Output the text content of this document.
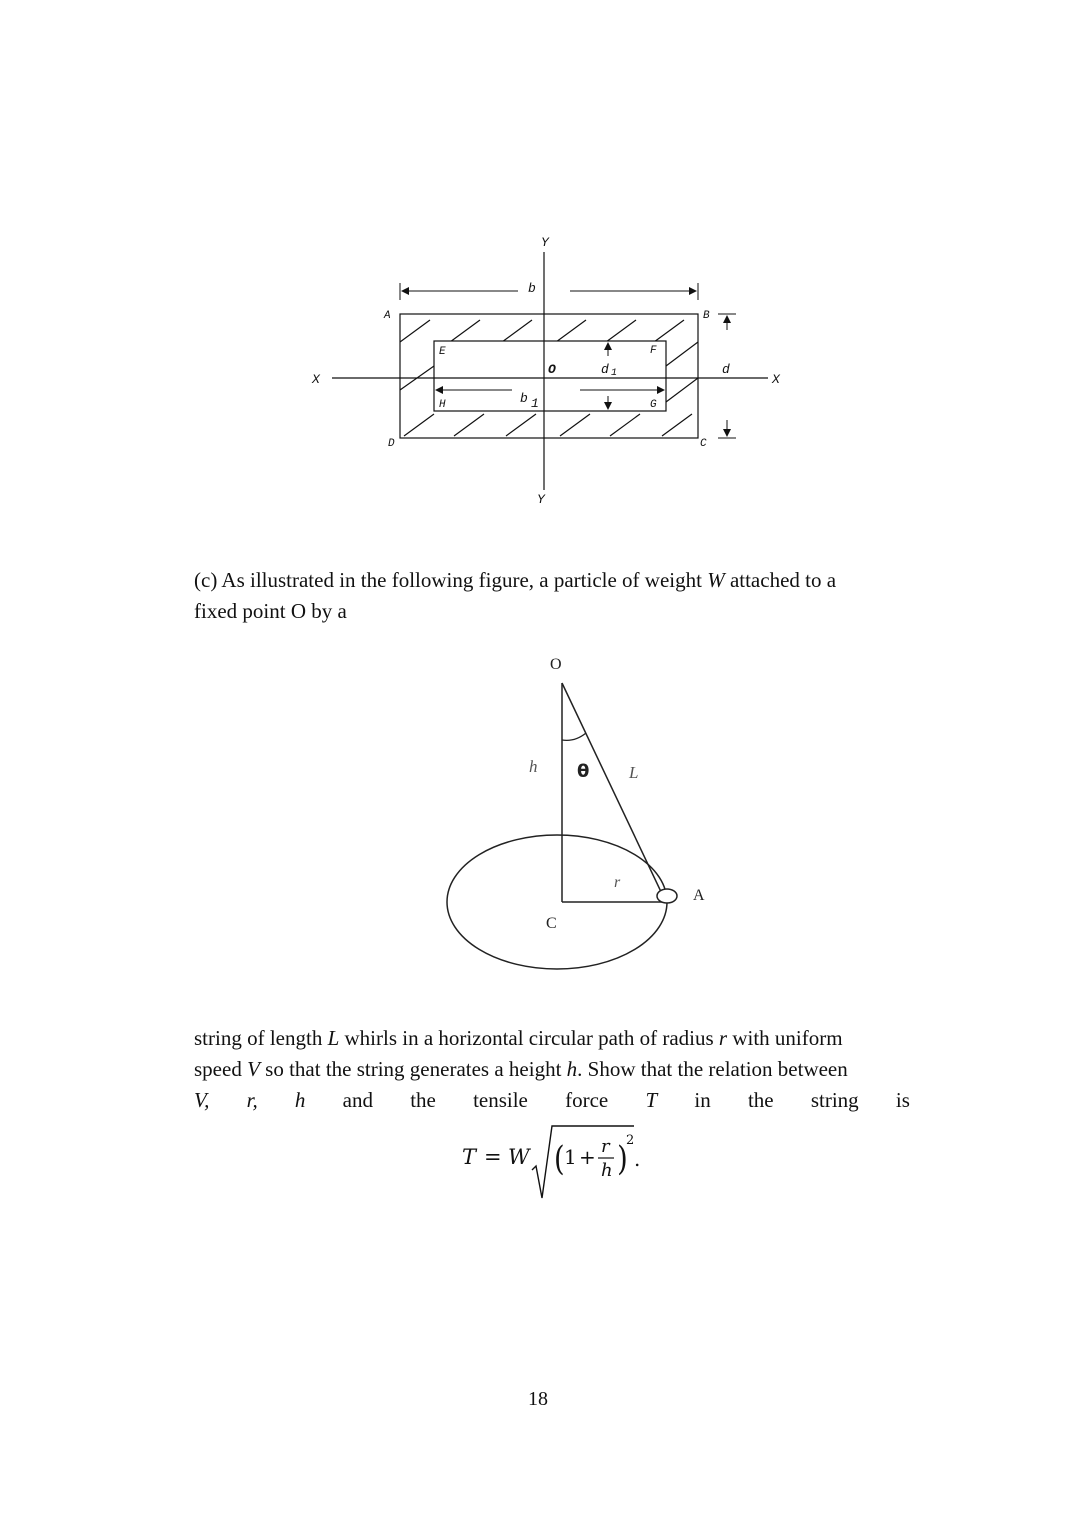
Y
Y
X	X
A	B
C
D
E	F
G
H
O
b
b 1
d 1	d
(c) As illustrated in the following figure, a particle of weight W attached to a
fixed point O by a
O
h θ L
r
C
A
string of length L whirls in a horizontal circular path of radius r with uniform
speed V so that the string generates a height h. Show that the relation between
V, r, h and the tensile force T in the string is
T = W ( 1 + r
h )
2
.
18
